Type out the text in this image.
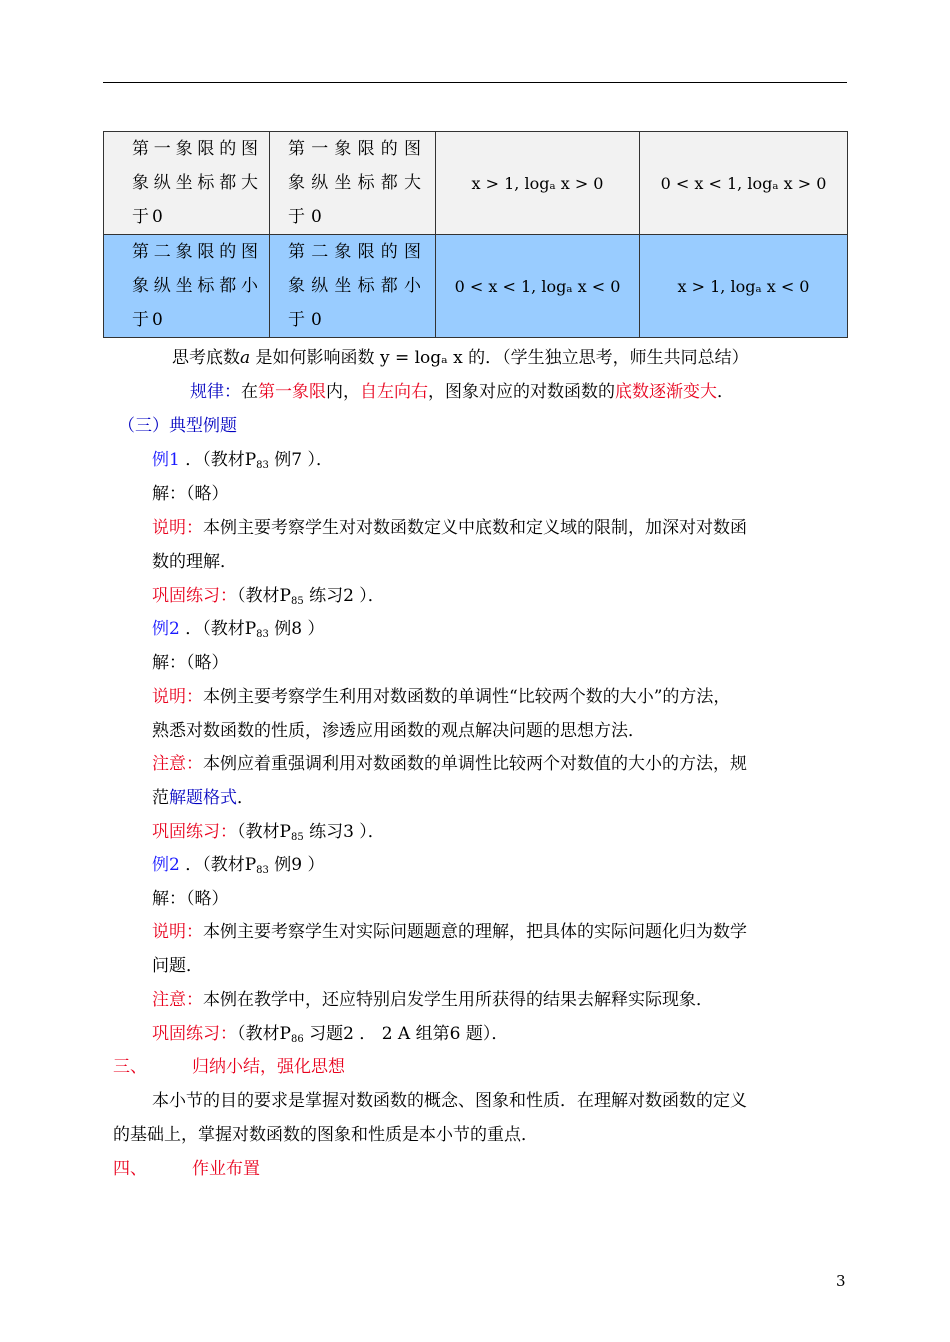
第一象限的图象纵坐标都大于0	第一象限的图象纵坐标都大于0	x > 1, logₐ x > 0	0 < x < 1, logₐ x > 0
第二象限的图象纵坐标都小于0	第二象限的图象纵坐标都小于0	0 < x < 1, logₐ x < 0	x > 1, logₐ x < 0
思考底数a 是如何影响函数 y = logₐ x 的．（学生独立思考，师生共同总结）
规律：在第一象限内，自左向右，图象对应的对数函数的底数逐渐变大．
（三）典型例题
例1 ．（教材P83 例7 ）．
解：（略）
说明：本例主要考察学生对对数函数定义中底数和定义域的限制，加深对对数函
数的理解．
巩固练习：（教材P85 练习2 ）．
例2 ．（教材P83 例8 ）
解：（略）
说明：本例主要考察学生利用对数函数的单调性“比较两个数的大小”的方法，
熟悉对数函数的性质，渗透应用函数的观点解决问题的思想方法．
注意：本例应着重强调利用对数函数的单调性比较两个对数值的大小的方法，规
范解题格式．
巩固练习：（教材P85 练习3 ）．
例2 ．（教材P83 例9 ）
解：（略）
说明：本例主要考察学生对实际问题题意的理解，把具体的实际问题化归为数学
问题．
注意：本例在教学中，还应特别启发学生用所获得的结果去解释实际现象．
巩固练习：（教材P86 习题2 ． 2 A 组第6 题）．
三、	归纳小结，强化思想
本小节的目的要求是掌握对数函数的概念、图象和性质．在理解对数函数的定义
的基础上，掌握对数函数的图象和性质是本小节的重点．
四、	作业布置
3
